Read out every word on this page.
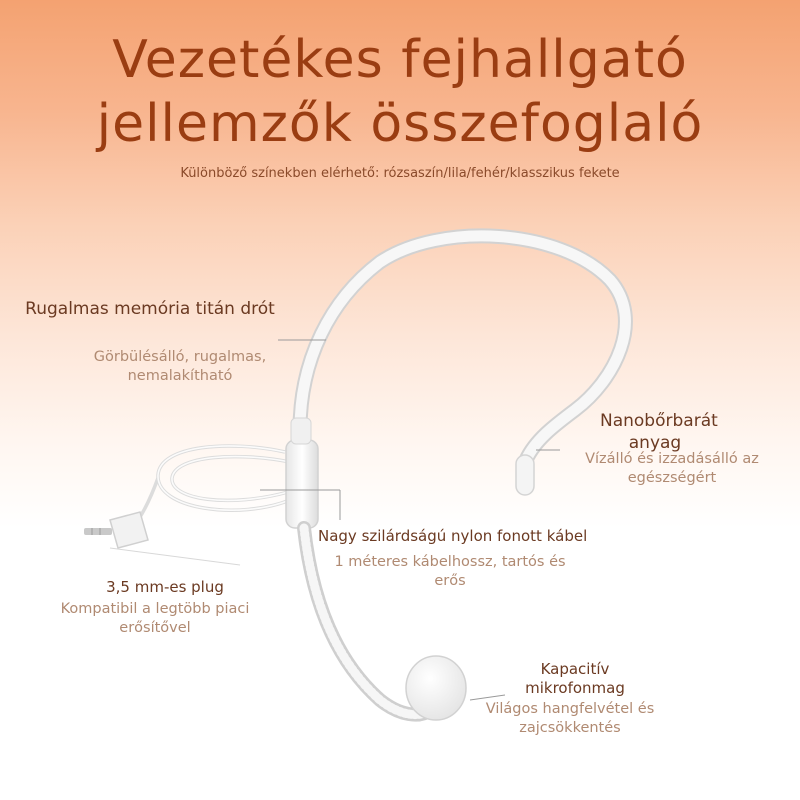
Vezetékes fejhallgató
jellemzők összefoglaló
Különböző színekben elérhető: rózsaszín/lila/fehér/klasszikus fekete
Rugalmas memória titán drót
Görbülésálló, rugalmas, nemalakítható
Nanobőrbarát anyag
Vízálló és izzadásálló az egészségért
Nagy szilárdságú nylon fonott kábel
1 méteres kábelhossz, tartós és erős
3,5 mm-es plug
Kompatibil a legtöbb piaci erősítővel
Kapacitív mikrofonmag
Világos hangfelvétel és zajcsökkentés
